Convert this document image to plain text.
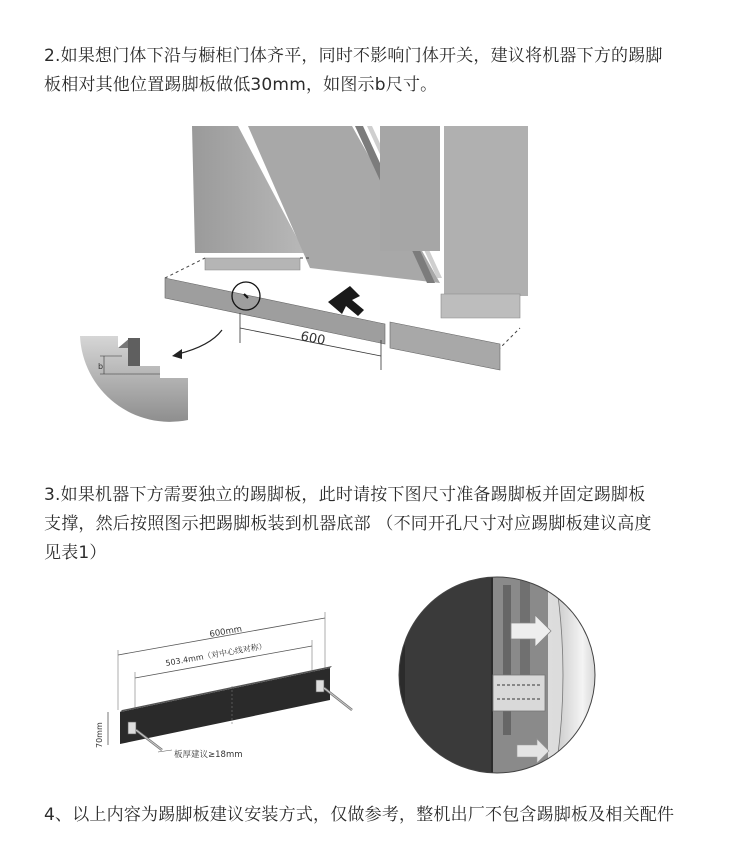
2.如果想门体下沿与橱柜门体齐平，同时不影响门体开关，建议将机器下方的踢脚
板相对其他位置踢脚板做低30mm，如图示b尺寸。
600
b
3.如果机器下方需要独立的踢脚板，此时请按下图尺寸准备踢脚板并固定踢脚板
支撑，然后按照图示把踢脚板装到机器底部 （不同开孔尺寸对应踢脚板建议高度
见表1）
600mm
503.4mm（对中心线对称）
70mm
板厚建议≥18mm
4、以上内容为踢脚板建议安装方式，仅做参考，整机出厂不包含踢脚板及相关配件
